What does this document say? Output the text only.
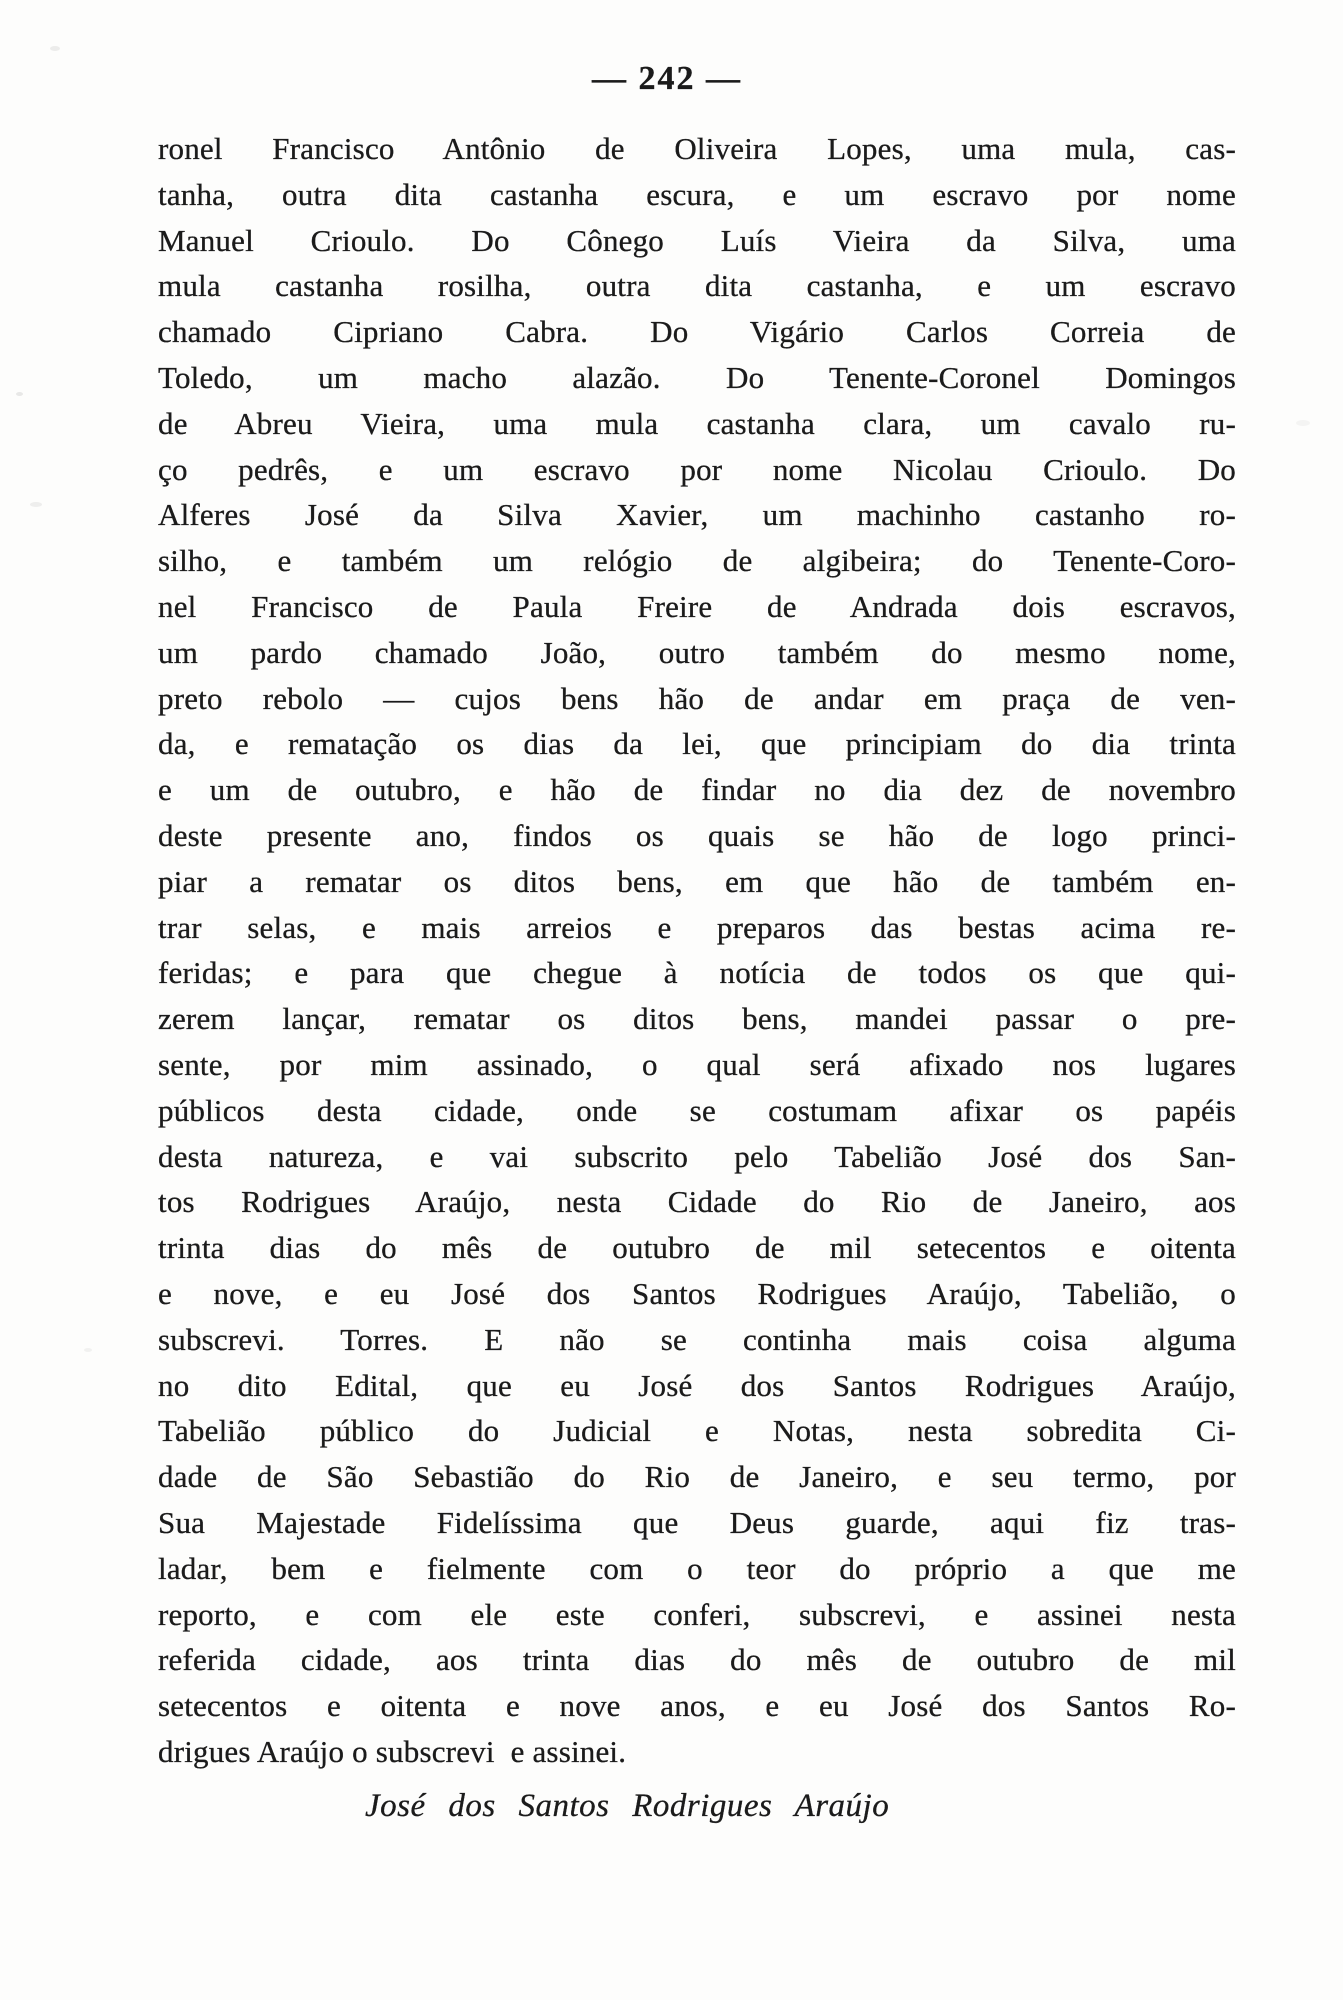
— 242 —
ronel Francisco Antônio de Oliveira Lopes, uma mula, cas-
tanha, outra dita castanha escura, e um escravo por nome
Manuel Crioulo. Do Cônego Luís Vieira da Silva, uma
mula castanha rosilha, outra dita castanha, e um escravo
chamado Cipriano Cabra. Do Vigário Carlos Correia de
Toledo, um macho alazão. Do Tenente-Coronel Domingos
de Abreu Vieira, uma mula castanha clara, um cavalo ru-
ço pedrês, e um escravo por nome Nicolau Crioulo. Do
Alferes José da Silva Xavier, um machinho castanho ro-
silho, e também um relógio de algibeira; do Tenente-Coro-
nel Francisco de Paula Freire de Andrada dois escravos,
um pardo chamado João, outro também do mesmo nome,
preto rebolo — cujos bens hão de andar em praça de ven-
da, e rematação os dias da lei, que principiam do dia trinta
e um de outubro, e hão de findar no dia dez de novembro
deste presente ano, findos os quais se hão de logo princi-
piar a rematar os ditos bens, em que hão de também en-
trar selas, e mais arreios e preparos das bestas acima re-
feridas; e para que chegue à notícia de todos os que qui-
zerem lançar, rematar os ditos bens, mandei passar o pre-
sente, por mim assinado, o qual será afixado nos lugares
públicos desta cidade, onde se costumam afixar os papéis
desta natureza, e vai subscrito pelo Tabelião José dos San-
tos Rodrigues Araújo, nesta Cidade do Rio de Janeiro, aos
trinta dias do mês de outubro de mil setecentos e oitenta
e nove, e eu José dos Santos Rodrigues Araújo, Tabelião, o
subscrevi. Torres. E não se continha mais coisa alguma
no dito Edital, que eu José dos Santos Rodrigues Araújo,
Tabelião público do Judicial e Notas, nesta sobredita Ci-
dade de São Sebastião do Rio de Janeiro, e seu termo, por
Sua Majestade Fidelíssima que Deus guarde, aqui fiz tras-
ladar, bem e fielmente com o teor do próprio a que me
reporto, e com ele este conferi, subscrevi, e assinei nesta
referida cidade, aos trinta dias do mês de outubro de mil
setecentos e oitenta e nove anos, e eu José dos Santos Ro-
drigues Araújo o subscrevi  e assinei.
José dos Santos Rodrigues Araújo
